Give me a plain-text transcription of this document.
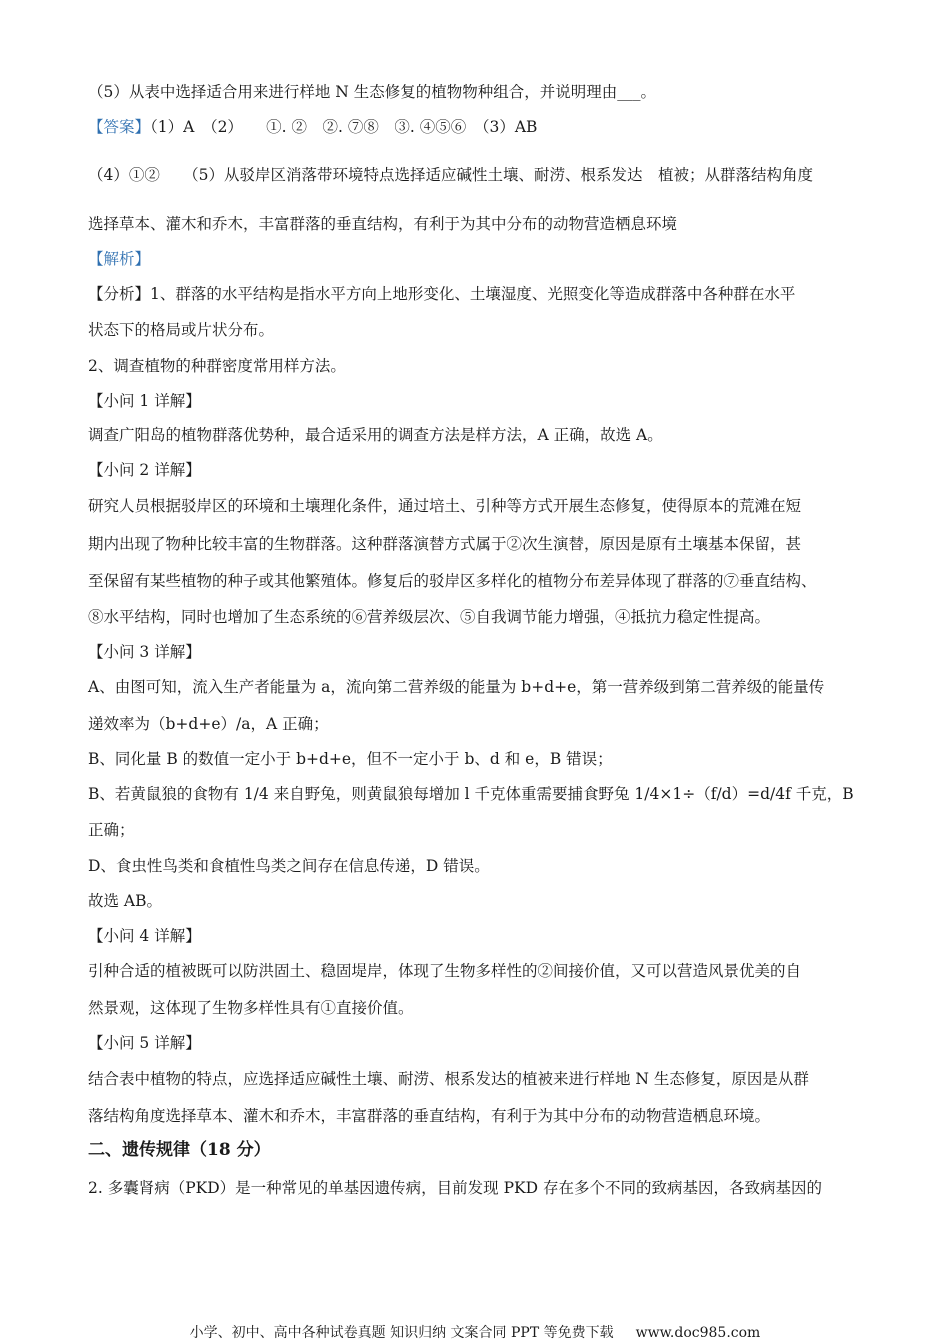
（5）从表中选择适合用来进行样地 N 生态修复的植物物种组合，并说明理由___。
【答案】（1）A　（2）　　①. ②　②. ⑦⑧　③. ④⑤⑥　（3）AB
（4）①②　　（5）从驳岸区消落带环境特点选择适应碱性土壤、耐涝、根系发达　植被；从群落结构角度
选择草本、灌木和乔木，丰富群落的垂直结构，有利于为其中分布的动物营造栖息环境
【解析】
【分析】1、群落的水平结构是指水平方向上地形变化、土壤湿度、光照变化等造成群落中各种群在水平
状态下的格局或片状分布。
2、调查植物的种群密度常用样方法。
【小问 1 详解】
调查广阳岛的植物群落优势种，最合适采用的调查方法是样方法，A 正确，故选 A。
【小问 2 详解】
研究人员根据驳岸区的环境和土壤理化条件，通过培土、引种等方式开展生态修复，使得原本的荒滩在短
期内出现了物种比较丰富的生物群落。这种群落演替方式属于②次生演替，原因是原有土壤基本保留，甚
至保留有某些植物的种子或其他繁殖体。修复后的驳岸区多样化的植物分布差异体现了群落的⑦垂直结构、
⑧水平结构，同时也增加了生态系统的⑥营养级层次、⑤自我调节能力增强，④抵抗力稳定性提高。
【小问 3 详解】
A、由图可知，流入生产者能量为 a，流向第二营养级的能量为 b+d+e，第一营养级到第二营养级的能量传
递效率为（b+d+e）/a，A 正确；
B、同化量 B 的数值一定小于 b+d+e，但不一定小于 b、d 和 e，B 错误；
B、若黄鼠狼的食物有 1/4 来自野兔，则黄鼠狼每增加 l 千克体重需要捕食野兔 1/4×1÷（f/d）=d/4f 千克，B
正确；
D、食虫性鸟类和食植性鸟类之间存在信息传递，D 错误。
故选 AB。
【小问 4 详解】
引种合适的植被既可以防洪固土、稳固堤岸，体现了生物多样性的②间接价值，又可以营造风景优美的自
然景观，这体现了生物多样性具有①直接价值。
【小问 5 详解】
结合表中植物的特点，应选择适应碱性土壤、耐涝、根系发达的植被来进行样地 N 生态修复，原因是从群
落结构角度选择草本、灌木和乔木，丰富群落的垂直结构，有利于为其中分布的动物营造栖息环境。
二、遗传规律（18 分）
2. 多囊肾病（PKD）是一种常见的单基因遗传病，目前发现 PKD 存在多个不同的致病基因，各致病基因的
小学、初中、高中各种试卷真题 知识归纳 文案合同 PPT 等免费下载 www.doc985.com
